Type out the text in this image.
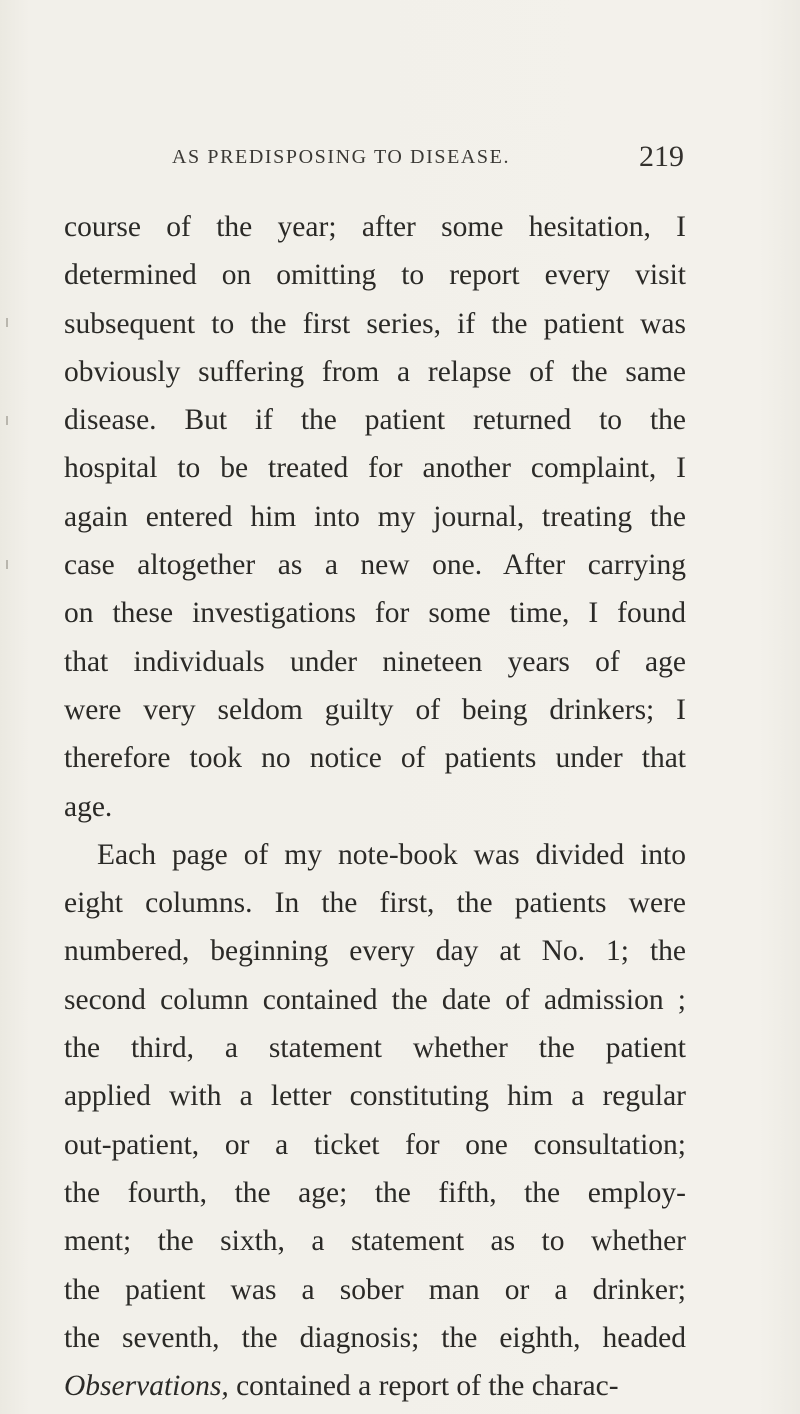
AS PREDISPOSING TO DISEASE.	219
course of the year; after some hesitation, I
determined on omitting to report every visit
subsequent to the first series, if the patient was
obviously suffering from a relapse of the same
disease. But if the patient returned to the
hospital to be treated for another complaint, I
again entered him into my journal, treating the
case altogether as a new one. After carrying
on these investigations for some time, I found
that individuals under nineteen years of age
were very seldom guilty of being drinkers; I
therefore took no notice of patients under that
age.
Each page of my note-book was divided into
eight columns. In the first, the patients were
numbered, beginning every day at No. 1; the
second column contained the date of admission ;
the third, a statement whether the patient
applied with a letter constituting him a regular
out-patient, or a ticket for one consultation;
the fourth, the age; the fifth, the employ-
ment; the sixth, a statement as to whether
the patient was a sober man or a drinker;
the seventh, the diagnosis; the eighth, headed
Observations, contained a report of the charac-
